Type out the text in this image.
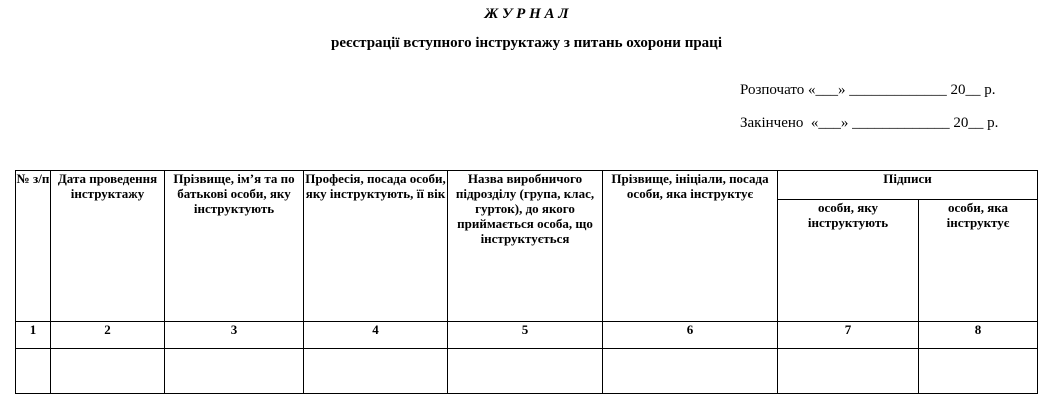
Ж У Р Н А Л
реєстрації вступного інструктажу з питань охорони праці
Розпочато «___» _____________ 20__ р.
Закінчено  «___» _____________ 20__ р.
№ з/п	Дата проведення інструктажу	Прізвище, ім’я та по батькові особи, яку інструктують	Професія, посада особи, яку інструктують, її вік	Назва виробничого підрозділу (група, клас, гурток), до якого приймається особа, що інструктується	Прізвище, ініціали, посада особи, яка інструктує	Підписи	
						особи, яку інструктують	особи, яка інструктує
1	2	3	4	5	6	7	8
